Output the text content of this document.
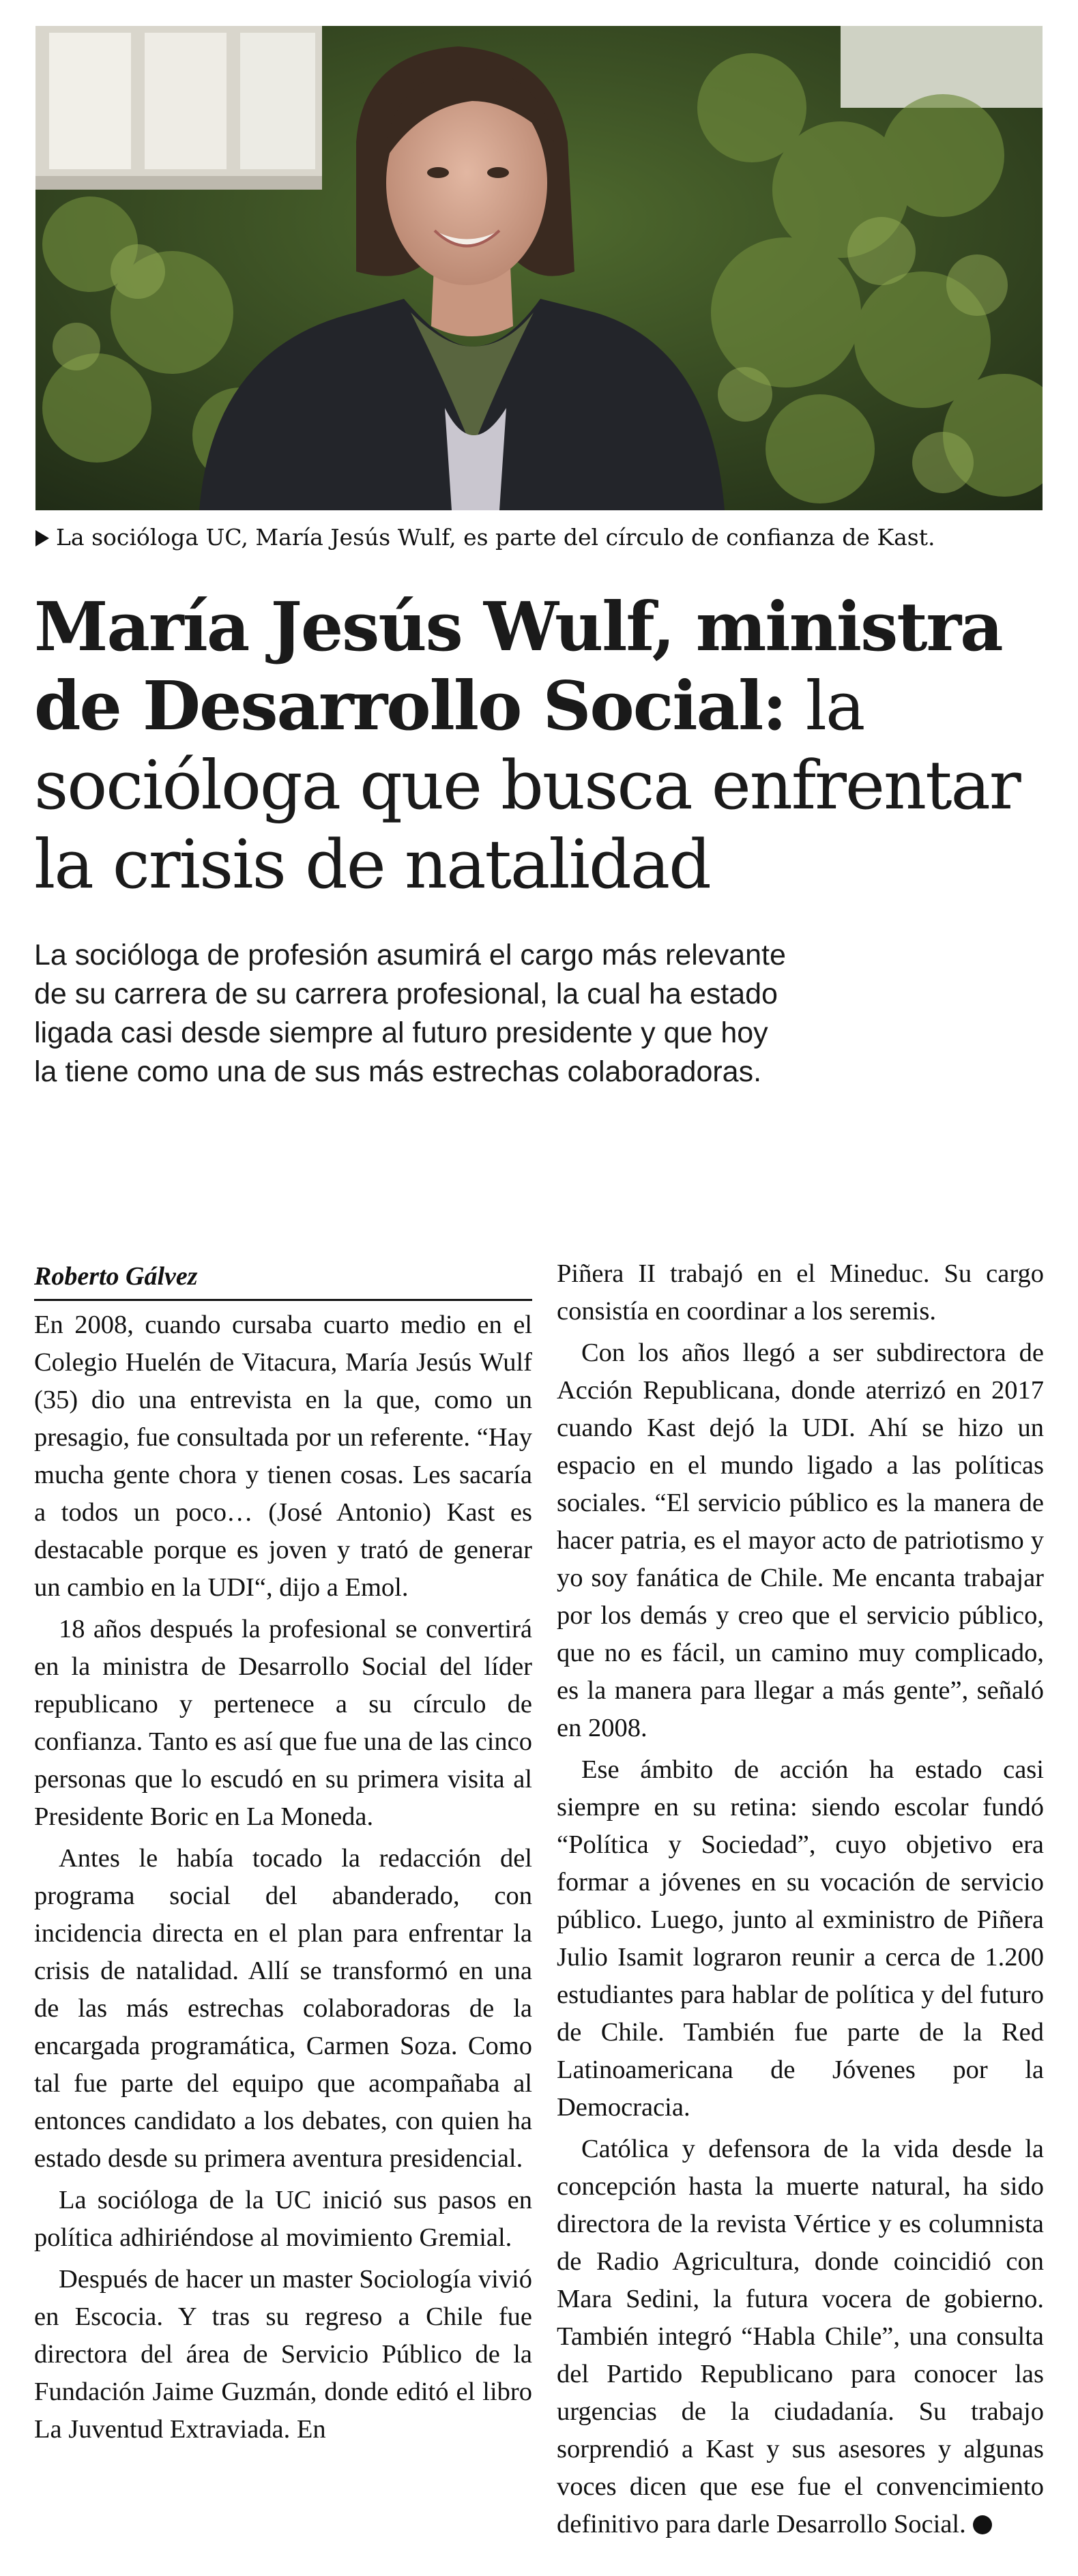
La socióloga UC, María Jesús Wulf, es parte del círculo de confianza de Kast.
María Jesús Wulf, ministra
de Desarrollo Social: la
socióloga que busca enfrentar
la crisis de natalidad
La socióloga de profesión asumirá el cargo más relevante
de su carrera de su carrera profesional, la cual ha estado
ligada casi desde siempre al futuro presidente y que hoy
la tiene como una de sus más estrechas colaboradoras.
Roberto Gálvez

En 2008, cuando cursaba cuarto medio en el Colegio Huelén de Vitacura, María Jesús Wulf (35) dio una entrevista en la que, como un presagio, fue consultada por un referente. “Hay mucha gente chora y tienen cosas. Les sacaría a todos un poco… (José Antonio) Kast es destacable porque es joven y trató de generar un cambio en la UDI“, dijo a Emol.

18 años después la profesional se convertirá en la ministra de Desarrollo Social del líder republicano y pertenece a su círculo de confianza. Tanto es así que fue una de las cinco personas que lo escudó en su primera visita al Presidente Boric en La Moneda.

Antes le había tocado la redacción del programa social del abanderado, con incidencia directa en el plan para enfrentar la crisis de natalidad. Allí se transformó en una de las más estrechas colaboradoras de la encargada programática, Carmen Soza. Como tal fue parte del equipo que acompañaba al entonces candidato a los debates, con quien ha estado desde su primera aventura presidencial.

La socióloga de la UC inició sus pasos en política adhiriéndose al movimiento Gremial.

Después de hacer un master Sociología vivió en Escocia. Y tras su regreso a Chile fue directora del área de Servicio Público de la Fundación Jaime Guzmán, donde editó el libro La Juventud Extraviada. En

Piñera II trabajó en el Mineduc. Su cargo consistía en coordinar a los seremis.

Con los años llegó a ser subdirectora de Acción Republicana, donde aterrizó en 2017 cuando Kast dejó la UDI. Ahí se hizo un espacio en el mundo ligado a las políticas sociales. “El servicio público es la manera de hacer patria, es el mayor acto de patriotismo y yo soy fanática de Chile. Me encanta trabajar por los demás y creo que el servicio público, que no es fácil, un camino muy complicado, es la manera para llegar a más gente”, señaló en 2008.

Ese ámbito de acción ha estado casi siempre en su retina: siendo escolar fundó “Política y Sociedad”, cuyo objetivo era formar a jóvenes en su vocación de servicio público. Luego, junto al exministro de Piñera Julio Isamit lograron reunir a cerca de 1.200 estudiantes para hablar de política y del futuro de Chile. También fue parte de la Red Latinoamericana de Jóvenes por la Democracia.

Católica y defensora de la vida desde la concepción hasta la muerte natural, ha sido directora de la revista Vértice y es columnista de Radio Agricultura, donde coincidió con Mara Sedini, la futura vocera de gobierno. También integró “Habla Chile”, una consulta del Partido Republicano para conocer las urgencias de la ciudadanía. Su trabajo sorprendió a Kast y sus asesores y algunas voces dicen que ese fue el convencimiento definitivo para darle Desarrollo Social.
